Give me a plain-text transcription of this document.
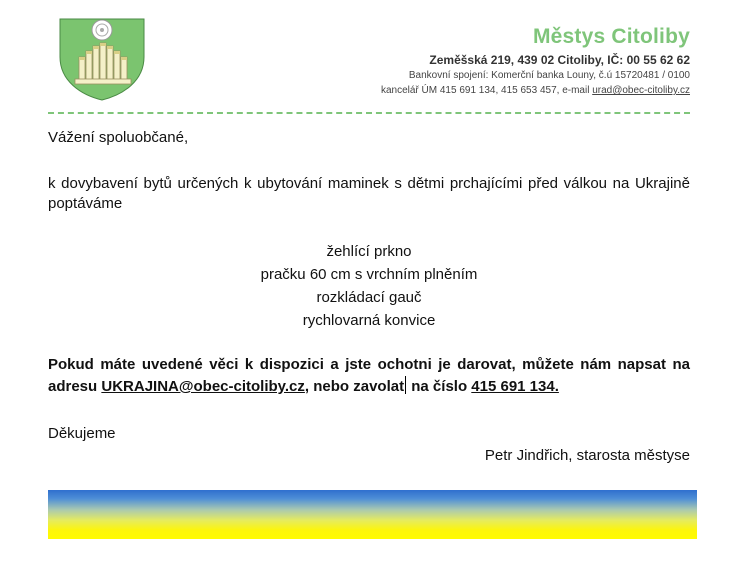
Městys Citoliby
Zeměšská 219, 439 02 Citoliby, IČ: 00 55 62 62
Bankovní spojení: Komerční banka Louny, č.ú 15720481 / 0100
kancelář ÚM 415 691 134, 415 653 457, e-mail urad@obec-citoliby.cz
Vážení spoluobčané,
k dovybavení bytů určených k ubytování maminek s dětmi prchajícími před válkou na Ukrajině poptáváme
žehlící prkno
pračku 60 cm s vrchním plněním
rozkládací gauč
rychlovarná konvice
Pokud máte uvedené věci k dispozici a jste ochotni je darovat, můžete nám napsat na adresu UKRAJINA@obec-citoliby.cz, nebo zavolat na číslo 415 691 134.
Děkujeme
Petr Jindřich, starosta městyse
